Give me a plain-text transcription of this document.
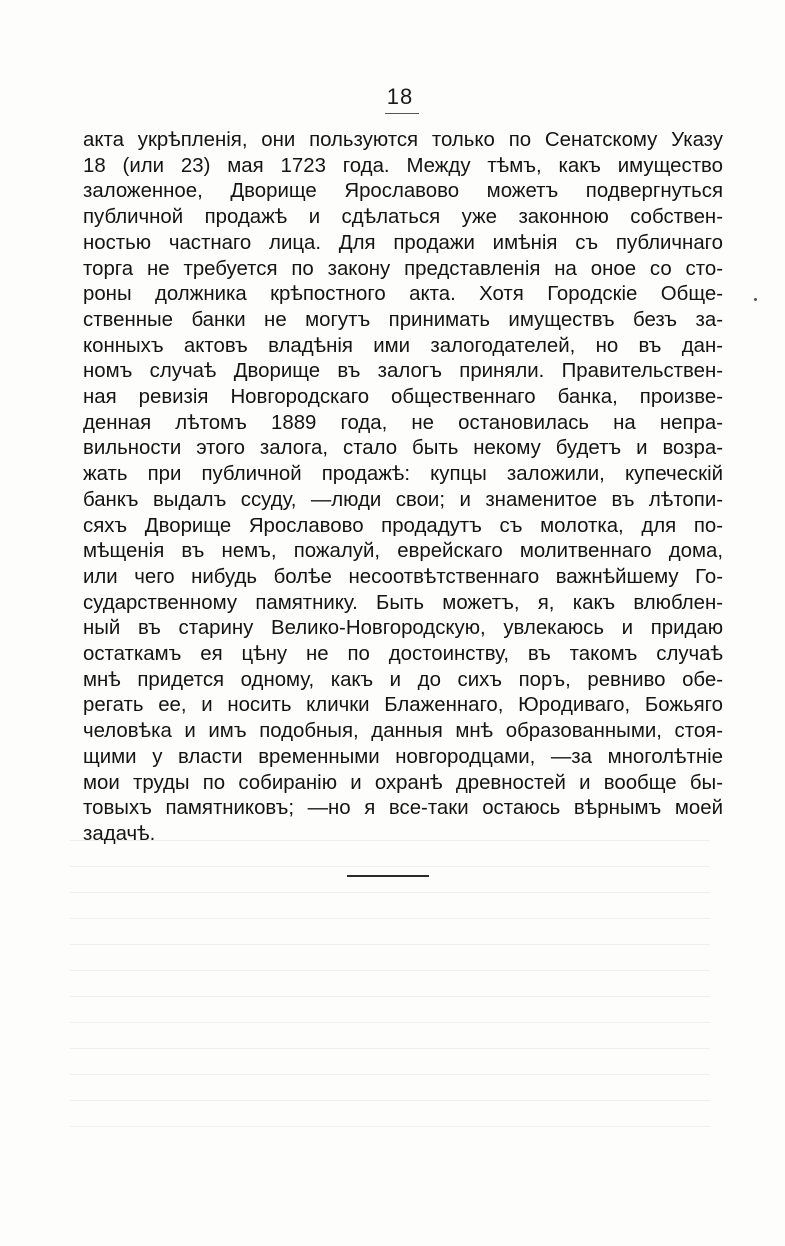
18
акта укрѣпленія, они пользуются только по Сенатскому Указу
18 (или 23) мая 1723 года. Между тѣмъ, какъ имущество
заложенное, Дворище Ярославово можетъ подвергнуться
публичной продажѣ и сдѣлаться уже законною собствен-
ностью частнаго лица. Для продажи имѣнія съ публичнаго
торга не требуется по закону представленія на оное со сто-
роны должника крѣпостного акта. Хотя Городскіе Обще-
ственные банки не могутъ принимать имуществъ безъ за-
конныхъ актовъ владѣнія ими залогодателей, но въ дан-
номъ случаѣ Дворище въ залогъ приняли. Правительствен-
ная ревизія Новгородскаго общественнаго банка, произве-
денная лѣтомъ 1889 года, не остановилась на непра-
вильности этого залога, стало быть некому будетъ и возра-
жать при публичной продажѣ: купцы заложили, купеческій
банкъ выдалъ ссуду, —люди свои; и знаменитое въ лѣтопи-
сяхъ Дворище Ярославово продадутъ съ молотка, для по-
мѣщенія въ немъ, пожалуй, еврейскаго молитвеннаго дома,
или чего нибудь болѣе несоотвѣтственнаго важнѣйшему Го-
сударственному памятнику. Быть можетъ, я, какъ влюблен-
ный въ старину Велико-Новгородскую, увлекаюсь и придаю
остаткамъ ея цѣну не по достоинству, въ такомъ случаѣ
мнѣ придется одному, какъ и до сихъ поръ, ревниво обе-
регать ее, и носить клички Блаженнаго, Юродиваго, Божьяго
человѣка и имъ подобныя, данныя мнѣ образованными, стоя-
щими у власти временными новгородцами, —за многолѣтніе
мои труды по собиранію и охранѣ древностей и вообще бы-
товыхъ памятниковъ; —но я все-таки остаюсь вѣрнымъ моей
задачѣ.
